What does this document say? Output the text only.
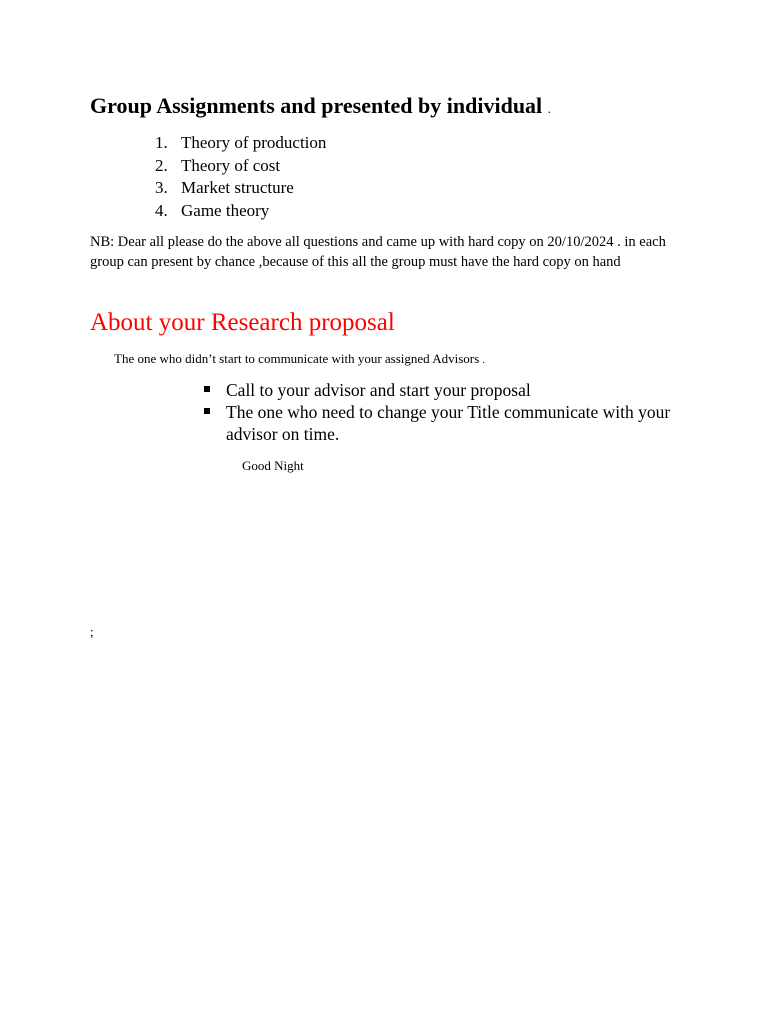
Group Assignments and presented by individual .
1. Theory of production
2. Theory of cost
3. Market structure
4. Game theory
NB: Dear all please do the above all questions and came up with hard copy on 20/10/2024 . in each group can present by chance ,because of this all the group must have the hard copy on hand
About your Research proposal
The one who didn’t start to communicate with your assigned Advisors .
Call to your advisor and start your proposal
The one who need to change your Title communicate with your advisor on time.
Good Night
;
